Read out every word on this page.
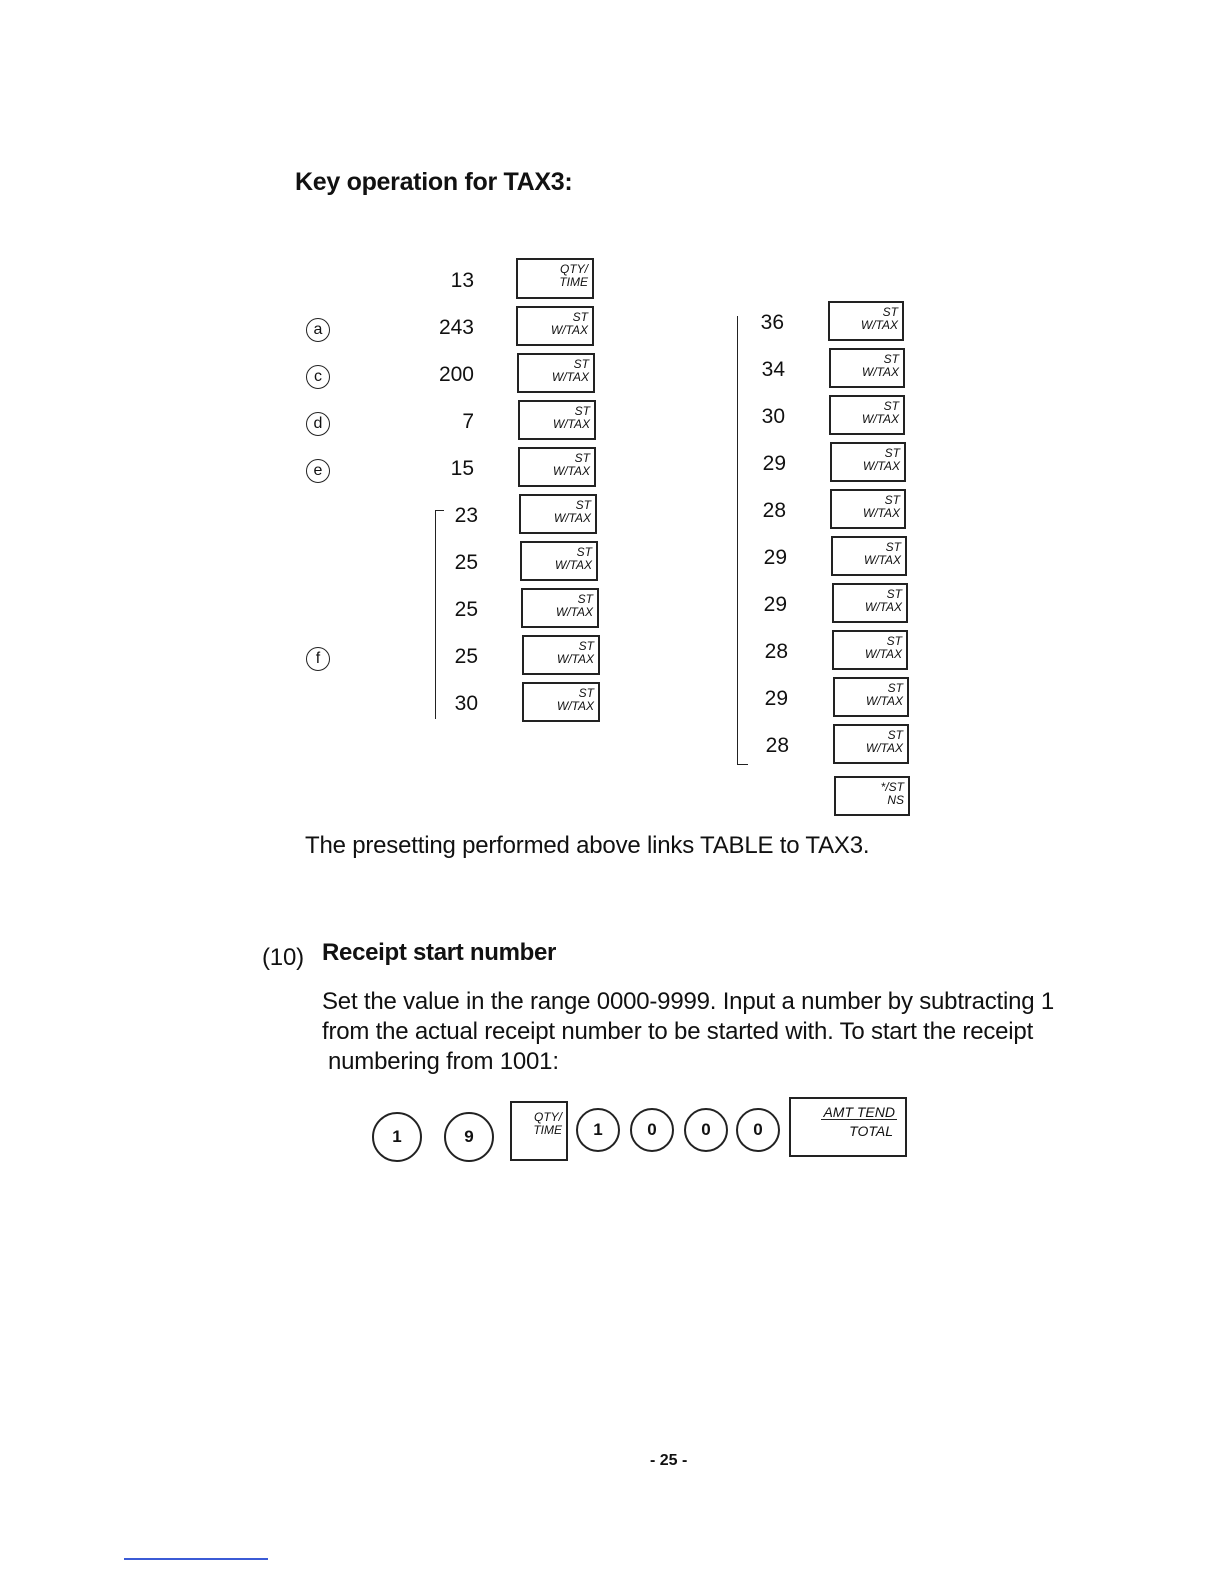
Key operation for TAX3:
13	QTY/
TIME
a	243	ST
W/TAX
c	200	ST
W/TAX
d	7	ST
W/TAX
e	15	ST
W/TAX
23	ST
W/TAX
25	ST
W/TAX
25	ST
W/TAX
f	25	ST
W/TAX
30	ST
W/TAX
36	ST
W/TAX
34	ST
W/TAX
30	ST
W/TAX
29	ST
W/TAX
28	ST
W/TAX
29	ST
W/TAX
29	ST
W/TAX
28	ST
W/TAX
29	ST
W/TAX
28	ST
W/TAX
*/ST
NS
The presetting performed above links TABLE to TAX3.
(10) Receipt start number
Set the value in the range 0000-9999. Input a number by subtracting 1
from the actual receipt number to be started with. To start the receipt
numbering from 1001:
1	9
QTY/
TIME	1	0	0	0
AMT TEND
TOTAL
- 25 -
